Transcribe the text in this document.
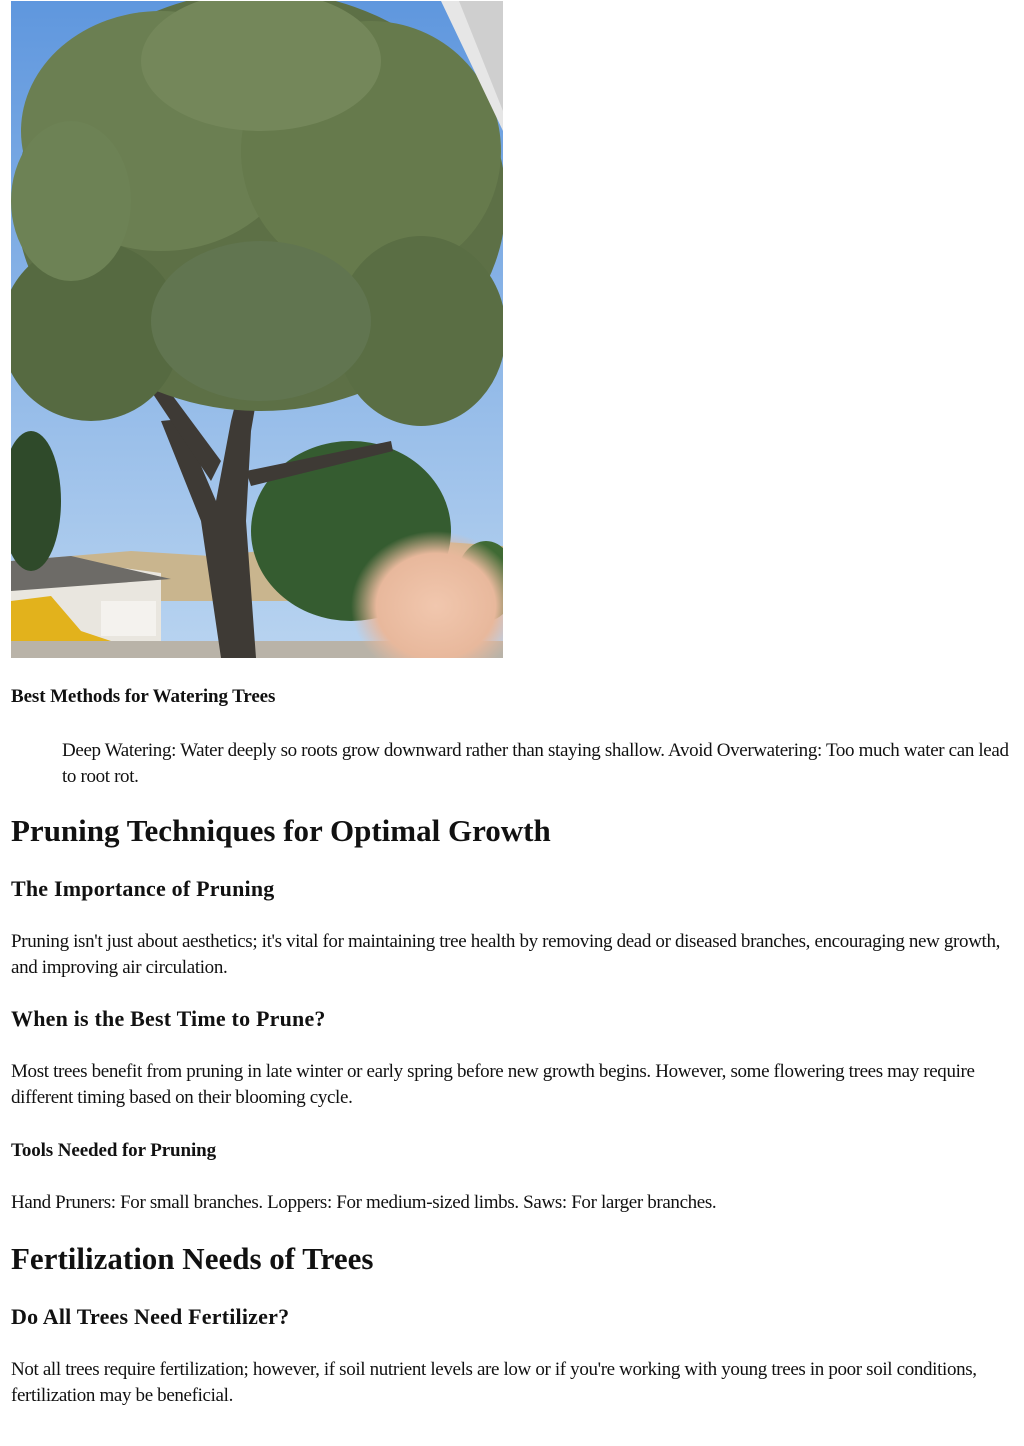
Best Methods for Watering Trees
Deep Watering: Water deeply so roots grow downward rather than staying shallow. Avoid Overwatering: Too much water can lead to root rot.
Pruning Techniques for Optimal Growth
The Importance of Pruning
Pruning isn't just about aesthetics; it's vital for maintaining tree health by removing dead or diseased branches, encouraging new growth, and improving air circulation.
When is the Best Time to Prune?
Most trees benefit from pruning in late winter or early spring before new growth begins. However, some flowering trees may require different timing based on their blooming cycle.
Tools Needed for Pruning
Hand Pruners: For small branches. Loppers: For medium-sized limbs. Saws: For larger branches.
Fertilization Needs of Trees
Do All Trees Need Fertilizer?
Not all trees require fertilization; however, if soil nutrient levels are low or if you're working with young trees in poor soil conditions, fertilization may be beneficial.
